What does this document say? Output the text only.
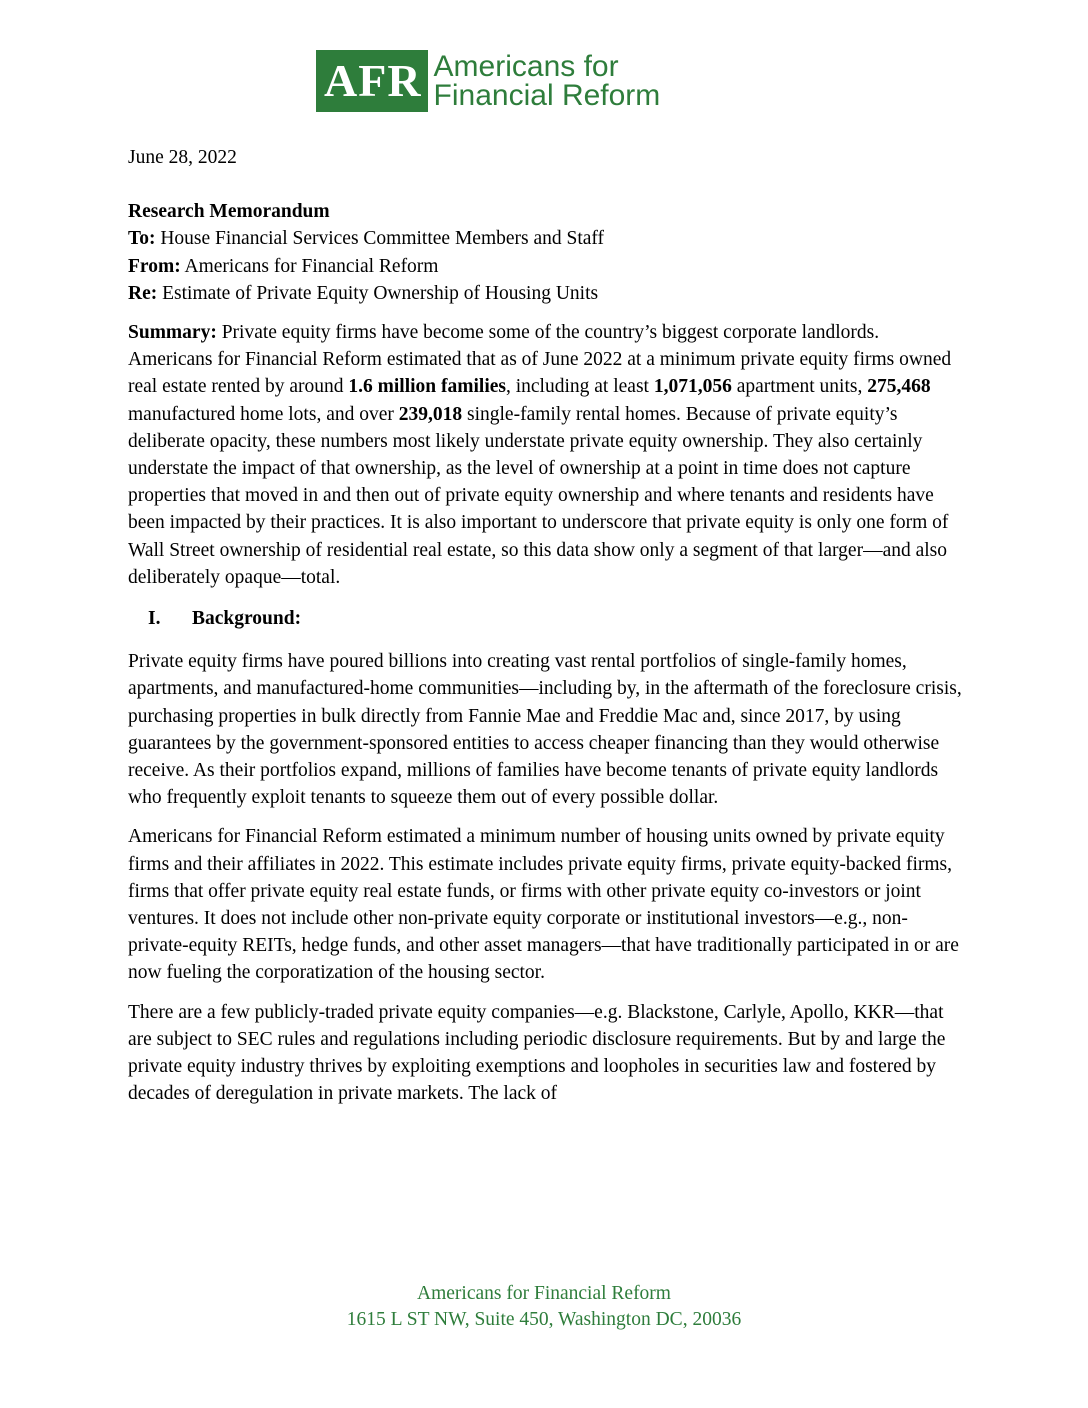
AFR Americans for
Financial Reform

June 28, 2022

Research Memorandum

To: House Financial Services Committee Members and Staff

From: Americans for Financial Reform

Re: Estimate of Private Equity Ownership of Housing Units

Summary: Private equity firms have become some of the country’s biggest corporate landlords. Americans for Financial Reform estimated that as of June 2022 at a minimum private equity firms owned real estate rented by around 1.6 million families, including at least 1,071,056 apartment units, 275,468 manufactured home lots, and over 239,018 single-family rental homes. Because of private equity’s deliberate opacity, these numbers most likely understate private equity ownership. They also certainly understate the impact of that ownership, as the level of ownership at a point in time does not capture properties that moved in and then out of private equity ownership and where tenants and residents have been impacted by their practices. It is also important to underscore that private equity is only one form of Wall Street ownership of residential real estate, so this data show only a segment of that larger—and also deliberately opaque—total.

I.	Background:

Private equity firms have poured billions into creating vast rental portfolios of single-family homes, apartments, and manufactured-home communities—including by, in the aftermath of the foreclosure crisis, purchasing properties in bulk directly from Fannie Mae and Freddie Mac and, since 2017, by using guarantees by the government-sponsored entities to access cheaper financing than they would otherwise receive. As their portfolios expand, millions of families have become tenants of private equity landlords who frequently exploit tenants to squeeze them out of every possible dollar.

Americans for Financial Reform estimated a minimum number of housing units owned by private equity firms and their affiliates in 2022. This estimate includes private equity firms, private equity-backed firms, firms that offer private equity real estate funds, or firms with other private equity co-investors or joint ventures. It does not include other non-private equity corporate or institutional investors—e.g., non-private-equity REITs, hedge funds, and other asset managers—that have traditionally participated in or are now fueling the corporatization of the housing sector.

There are a few publicly-traded private equity companies—e.g. Blackstone, Carlyle, Apollo, KKR—that are subject to SEC rules and regulations including periodic disclosure requirements. But by and large the private equity industry thrives by exploiting exemptions and loopholes in securities law and fostered by decades of deregulation in private markets. The lack of

Americans for Financial Reform
1615 L ST NW, Suite 450, Washington DC, 20036
